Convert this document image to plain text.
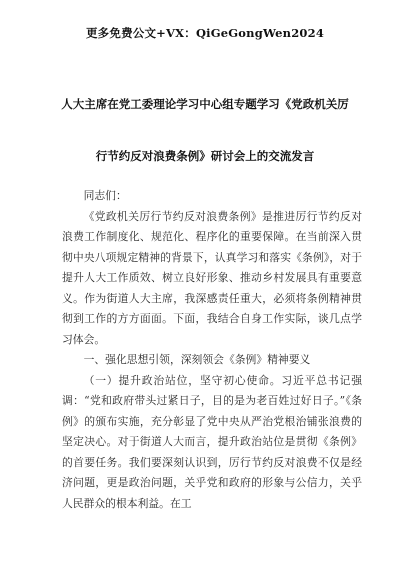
更多免费公文+VX：QiGeGongWen2024
人大主席在党工委理论学习中心组专题学习《党政机关厉
行节约反对浪费条例》研讨会上的交流发言

同志们：

《党政机关厉行节约反对浪费条例》是推进厉行节约反对浪费工作制度化、规范化、程序化的重要保障。在当前深入贯彻中央八项规定精神的背景下，认真学习和落实《条例》，对于提升人大工作质效、树立良好形象、推动乡村发展具有重要意义。作为街道人大主席，我深感责任重大，必须将条例精神贯彻到工作的方方面面。下面，我结合自身工作实际，谈几点学习体会。

一、强化思想引领，深刻领会《条例》精神要义

（一）提升政治站位，坚守初心使命。习近平总书记强调：“党和政府带头过紧日子，目的是为老百姓过好日子。”《条例》的颁布实施，充分彰显了党中央从严治党根治铺张浪费的坚定决心。对于街道人大而言，提升政治站位是贯彻《条例》的首要任务。我们要深刻认识到，厉行节约反对浪费不仅是经济问题，更是政治问题，关乎党和政府的形象与公信力，关乎人民群众的根本利益。在工
